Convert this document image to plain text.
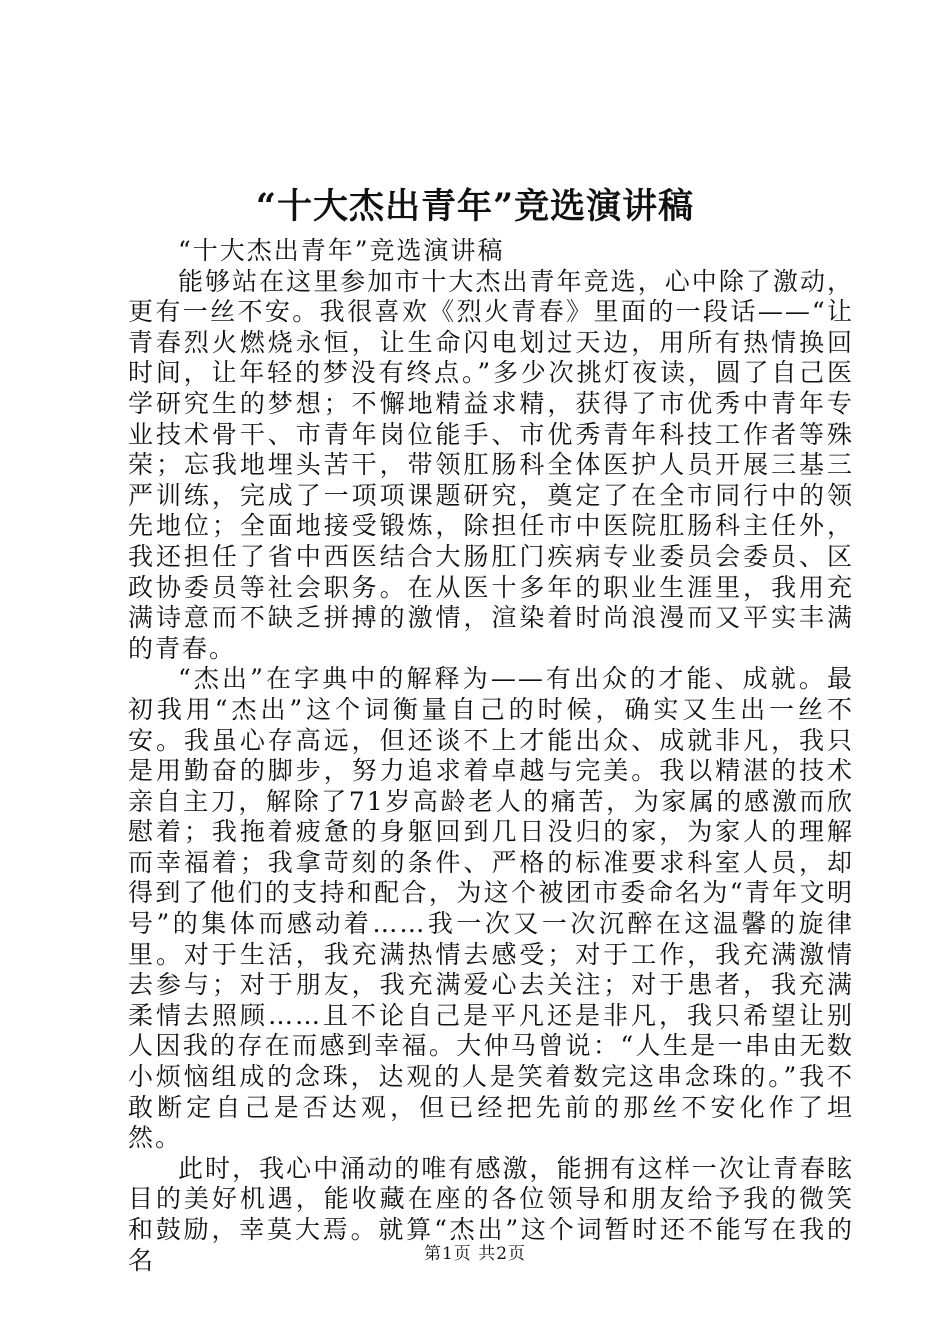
“十大杰出青年”竞选演讲稿
“十大杰出青年”竞选演讲稿

能够站在这里参加市十大杰出青年竞选，心中除了激动，更有一丝不安。我很喜欢《烈火青春》里面的一段话——“让青春烈火燃烧永恒，让生命闪电划过天边，用所有热情换回时间，让年轻的梦没有终点。”多少次挑灯夜读，圆了自己医学研究生的梦想；不懈地精益求精，获得了市优秀中青年专业技术骨干、市青年岗位能手、市优秀青年科技工作者等殊荣；忘我地埋头苦干，带领肛肠科全体医护人员开展三基三严训练，完成了一项项课题研究，奠定了在全市同行中的领先地位；全面地接受锻炼，除担任市中医院肛肠科主任外，我还担任了省中西医结合大肠肛门疾病专业委员会委员、区政协委员等社会职务。在从医十多年的职业生涯里，我用充满诗意而不缺乏拼搏的激情，渲染着时尚浪漫而又平实丰满的青春。

“杰出”在字典中的解释为——有出众的才能、成就。最初我用“杰出”这个词衡量自己的时候，确实又生出一丝不安。我虽心存高远，但还谈不上才能出众、成就非凡，我只是用勤奋的脚步，努力追求着卓越与完美。我以精湛的技术亲自主刀，解除了71岁高龄老人的痛苦，为家属的感激而欣慰着；我拖着疲惫的身躯回到几日没归的家，为家人的理解而幸福着；我拿苛刻的条件、严格的标准要求科室人员，却得到了他们的支持和配合，为这个被团市委命名为“青年文明号”的集体而感动着……我一次又一次沉醉在这温馨的旋律里。对于生活，我充满热情去感受；对于工作，我充满激情去参与；对于朋友，我充满爱心去关注；对于患者，我充满柔情去照顾……且不论自己是平凡还是非凡，我只希望让别人因我的存在而感到幸福。大仲马曾说：“人生是一串由无数小烦恼组成的念珠，达观的人是笑着数完这串念珠的。”我不敢断定自己是否达观，但已经把先前的那丝不安化作了坦然。

此时，我心中涌动的唯有感激，能拥有这样一次让青春眩目的美好机遇，能收藏在座的各位领导和朋友给予我的微笑和鼓励，幸莫大焉。就算“杰出”这个词暂时还不能写在我的名	第1页 共2页
